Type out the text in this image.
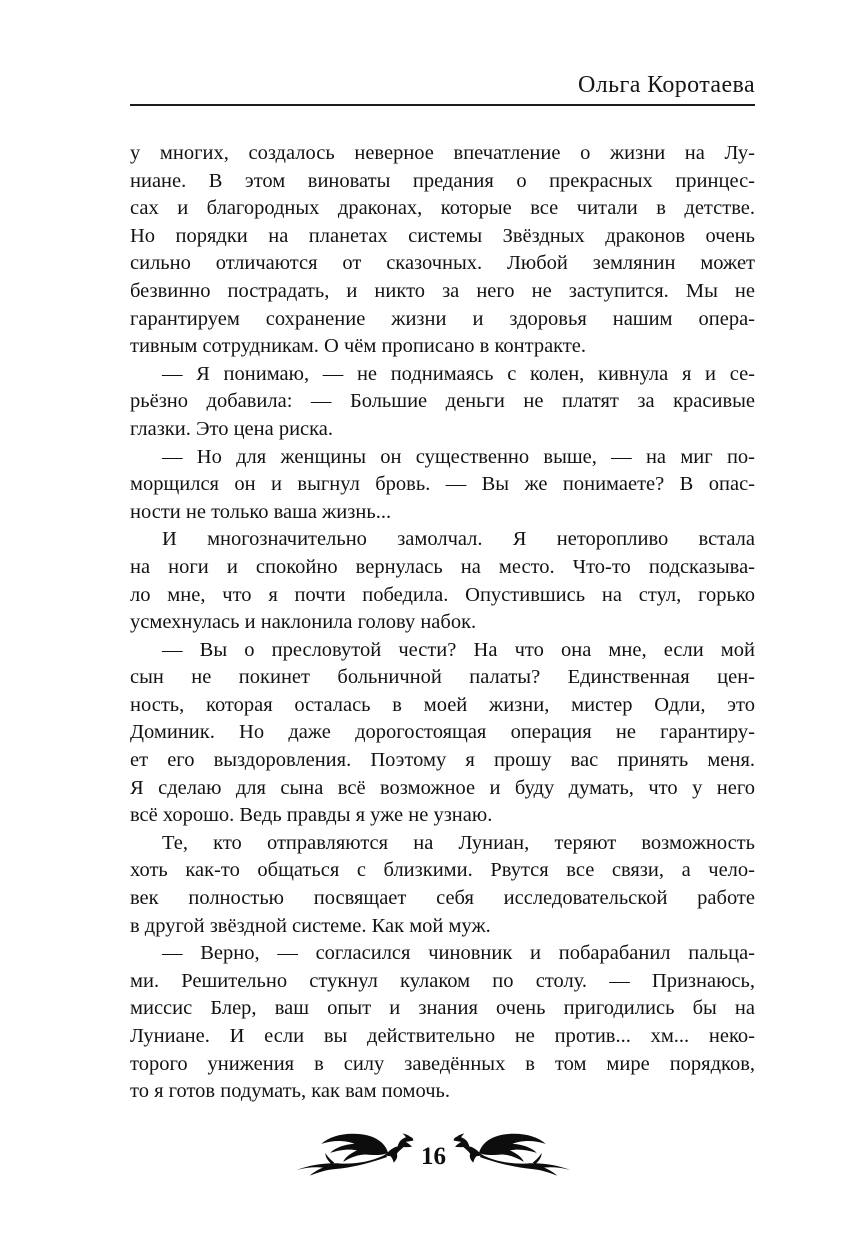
Ольга Коротаева
у многих, создалось неверное впечатление о жизни на Лу-
ниане. В этом виноваты предания о прекрасных принцес-
сах и благородных драконах, которые все читали в детстве.
Но порядки на планетах системы Звёздных драконов очень
сильно отличаются от сказочных. Любой землянин может
безвинно пострадать, и никто за него не заступится. Мы не
гарантируем сохранение жизни и здоровья нашим опера-
тивным сотрудникам. О чём прописано в контракте.
— Я понимаю, — не поднимаясь с колен, кивнула я и се-
рьёзно добавила: — Большие деньги не платят за красивые
глазки. Это цена риска.
— Но для женщины он существенно выше, — на миг по-
морщился он и выгнул бровь. — Вы же понимаете? В опас-
ности не только ваша жизнь...
И многозначительно замолчал. Я неторопливо встала
на ноги и спокойно вернулась на место. Что-то подсказыва-
ло мне, что я почти победила. Опустившись на стул, горько
усмехнулась и наклонила голову набок.
— Вы о пресловутой чести? На что она мне, если мой
сын не покинет больничной палаты? Единственная цен-
ность, которая осталась в моей жизни, мистер Одли, это
Доминик. Но даже дорогостоящая операция не гарантиру-
ет его выздоровления. Поэтому я прошу вас принять меня.
Я сделаю для сына всё возможное и буду думать, что у него
всё хорошо. Ведь правды я уже не узнаю.
Те, кто отправляются на Луниан, теряют возможность
хоть как-то общаться с близкими. Рвутся все связи, а чело-
век полностью посвящает себя исследовательской работе
в другой звёздной системе. Как мой муж.
— Верно, — согласился чиновник и побарабанил пальца-
ми. Решительно стукнул кулаком по столу. — Признаюсь,
миссис Блер, ваш опыт и знания очень пригодились бы на
Луниане. И если вы действительно не против... хм... неко-
торого унижения в силу заведённых в том мире порядков,
то я готов подумать, как вам помочь.
16
